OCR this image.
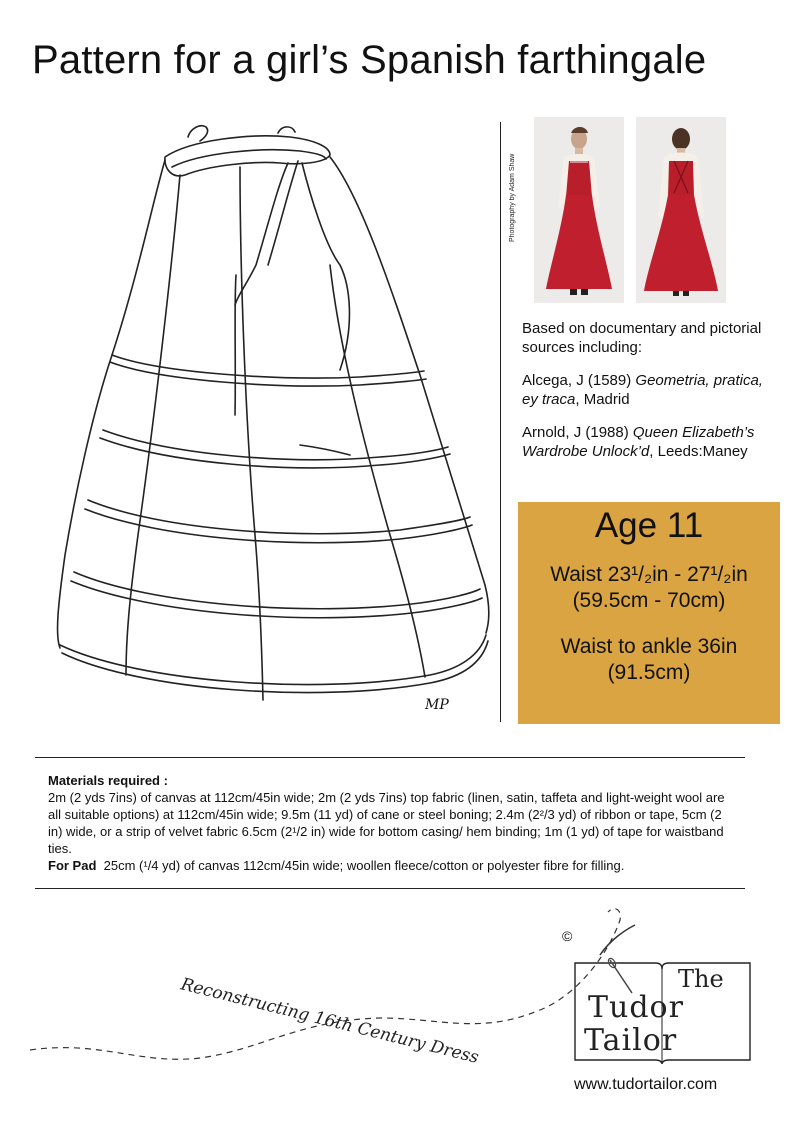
Pattern for a girl’s Spanish farthingale
MP
Photography by Adam Shaw

Based on documentary and pictorial sources including:

Alcega, J (1589) Geometria, pratica, ey traca, Madrid

Arnold, J (1988) Queen Elizabeth’s Wardrobe Unlock’d, Leeds:Maney

Age 11
Waist 23¹/₂in - 27¹/₂in
(59.5cm - 70cm)
Waist to ankle 36in
(91.5cm)
Materials required :
2m (2 yds 7ins) of canvas at 112cm/45in wide; 2m (2 yds 7ins) top fabric (linen, satin, taffeta and light-weight wool are all suitable options) at 112cm/45in wide; 9.5m (11 yd) of cane or steel boning; 2.4m (2²/3 yd) of ribbon or tape, 5cm (2 in) wide, or a strip of velvet fabric 6.5cm (2¹/2 in) wide for bottom casing/ hem binding; 1m (1 yd) of tape for waistband ties.
For Pad 25cm (¹/4 yd) of canvas 112cm/45in wide; woollen fleece/cotton or polyester fibre for filling.
Reconstructing 16th Century Dress
©
The
Tudor
Tailor
www.tudortailor.com
